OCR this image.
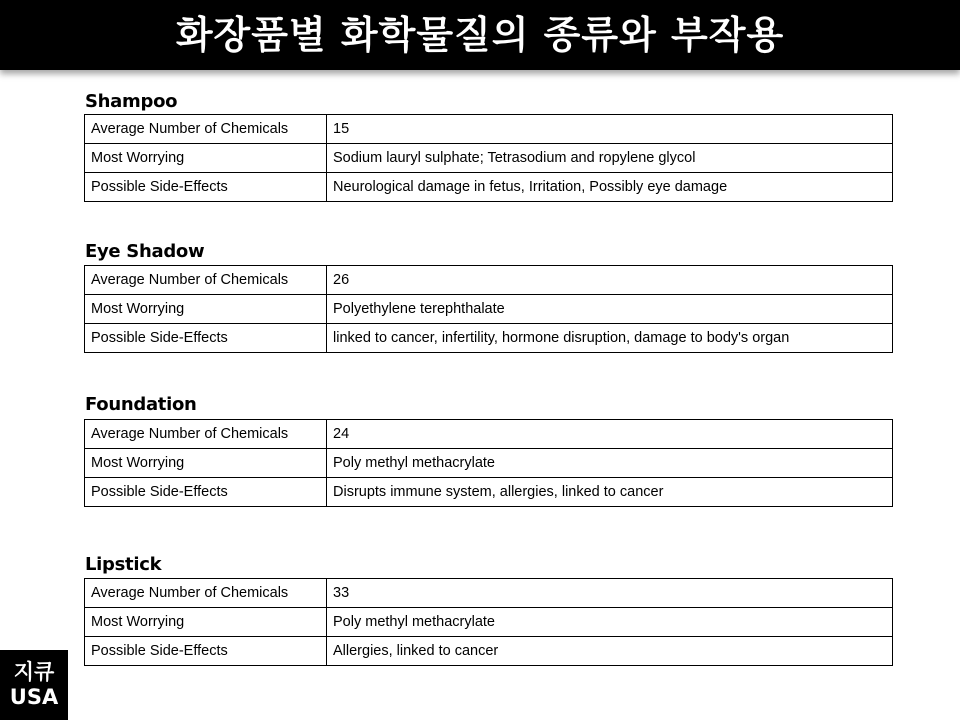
화장품별 화학물질의 종류와 부작용
Shampoo
Average Number of Chemicals	15
Most Worrying	Sodium lauryl sulphate; Tetrasodium and ropylene glycol
Possible Side-Effects	Neurological damage in fetus, Irritation, Possibly eye damage
Eye Shadow
Average Number of Chemicals	26
Most Worrying	Polyethylene terephthalate
Possible Side-Effects	linked to cancer, infertility, hormone disruption, damage to body's organ
Foundation
Average Number of Chemicals	24
Most Worrying	Poly methyl methacrylate
Possible Side-Effects	Disrupts immune system, allergies, linked to cancer
Lipstick
Average Number of Chemicals	33
Most Worrying	Poly methyl methacrylate
Possible Side-Effects	Allergies, linked to cancer
지큐
USA
